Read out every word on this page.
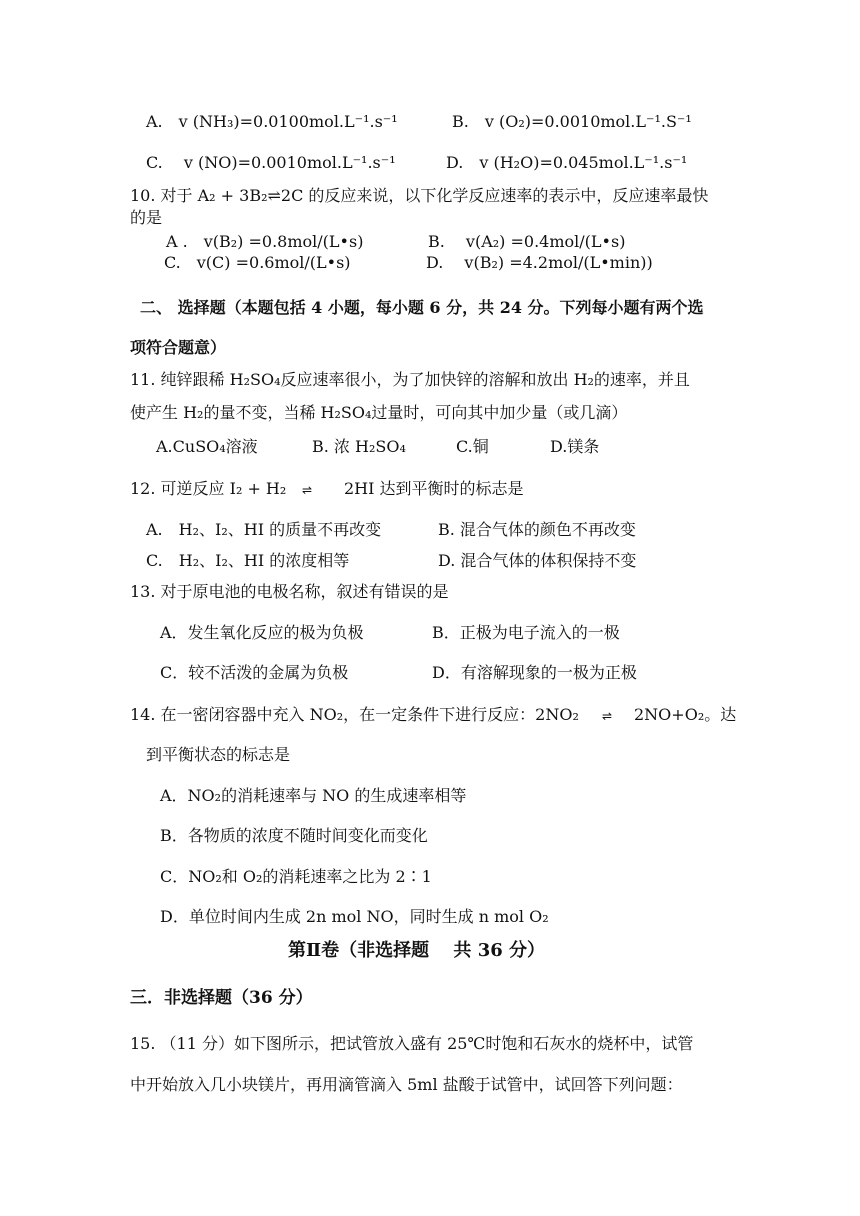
A.　v (NH₃)=0.0100mol.L⁻¹.s⁻¹	B.　v (O₂)=0.0010mol.L⁻¹.S⁻¹
C.　 v (NO)=0.0010mol.L⁻¹.s⁻¹	D.　v (H₂O)=0.045mol.L⁻¹.s⁻¹
10. 对于 A₂ + 3B₂⇌2C 的反应来说，以下化学反应速率的表示中，反应速率最快
的是
A .　v(B₂) =0.8mol/(L•s)	B.　 v(A₂) =0.4mol/(L•s)
C.　v(C) =0.6mol/(L•s)	D.　 v(B₂) =4.2mol/(L•min))
二、 选择题（本题包括 4 小题，每小题 6 分，共 24 分。下列每小题有两个选
项符合题意）
11. 纯锌跟稀 H₂SO₄反应速率很小，为了加快锌的溶解和放出 H₂的速率，并且
使产生 H₂的量不变，当稀 H₂SO₄过量时，可向其中加少量（或几滴）
A.CuSO₄溶液	B. 浓 H₂SO₄	C.铜	D.镁条
12. 可逆反应 I₂ + H₂ ⇌ 2HI 达到平衡时的标志是
A.　H₂、I₂、HI 的质量不再改变	B. 混合气体的颜色不再改变
C.　H₂、I₂、HI 的浓度相等	D. 混合气体的体积保持不变
13. 对于原电池的电极名称，叙述有错误的是
A．发生氧化反应的极为负极	B．正极为电子流入的一极
C．较不活泼的金属为负极	D．有溶解现象的一极为正极
14. 在一密闭容器中充入 NO₂，在一定条件下进行反应：2NO₂ ⇌ 2NO+O₂。达
到平衡状态的标志是
A．NO₂的消耗速率与 NO 的生成速率相等
B．各物质的浓度不随时间变化而变化
C．NO₂和 O₂的消耗速率之比为 2∶1
D．单位时间内生成 2n mol NO，同时生成 n mol O₂
第Ⅱ卷（非选择题　 共 36 分）
三．非选择题（36 分）
15. （11 分）如下图所示，把试管放入盛有 25℃时饱和石灰水的烧杯中，试管
中开始放入几小块镁片，再用滴管滴入 5ml 盐酸于试管中，试回答下列问题：
